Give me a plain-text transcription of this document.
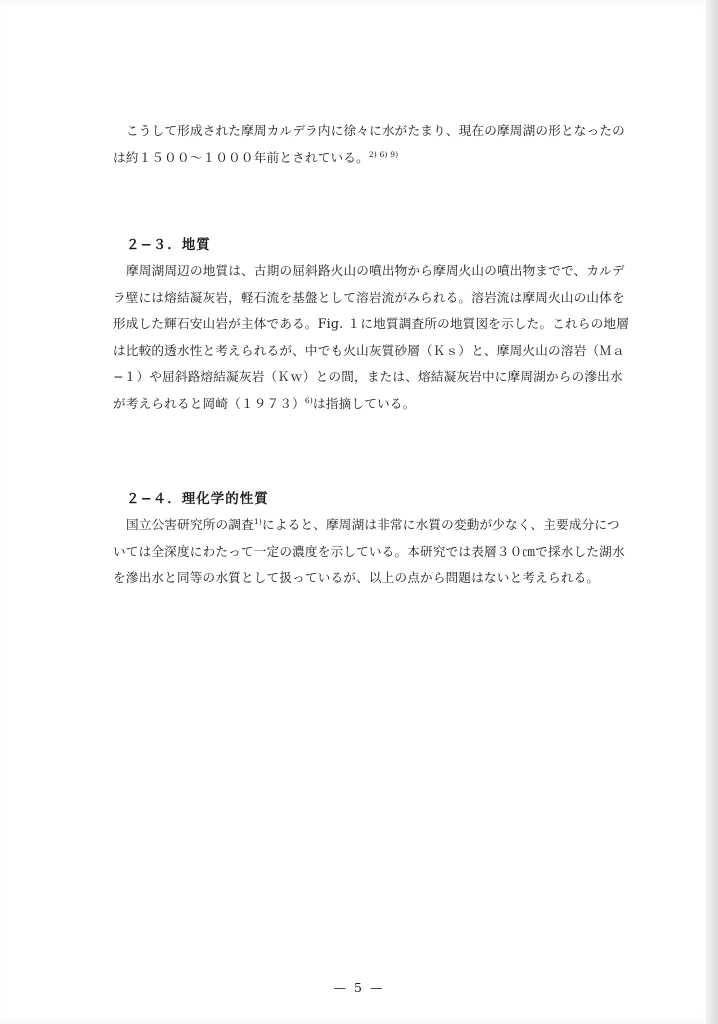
こうして形成された摩周カルデラ内に徐々に水がたまり、現在の摩周湖の形となったの
は約１５００〜１０００年前とされている。$^{2) 6) 9)}$
２−３．地質
摩周湖周辺の地質は、古期の屈斜路火山の噴出物から摩周火山の噴出物までで、カルデ
ラ壁には熔結凝灰岩，軽石流を基盤として溶岩流がみられる。溶岩流は摩周火山の山体を
形成した輝石安山岩が主体である。Fig. １に地質調査所の地質図を示した。これらの地層
は比較的透水性と考えられるが、中でも火山灰質砂層（Ｋｓ）と、摩周火山の溶岩（Ｍａ
−１）や屈斜路熔結凝灰岩（Ｋｗ）との間，または、熔結凝灰岩中に摩周湖からの滲出水
が考えられると岡崎$(1973)^{6)}$は指摘している。
２−４．理化学的性質
国立公害研究所の調査$^{1)}$によると、摩周湖は非常に水質の変動が少なく、主要成分につ
いては全深度にわたって一定の濃度を示している。本研究では表層３０㎝で採水した湖水
を滲出水と同等の水質として扱っているが、以上の点から問題はないと考えられる。
— 5 —
